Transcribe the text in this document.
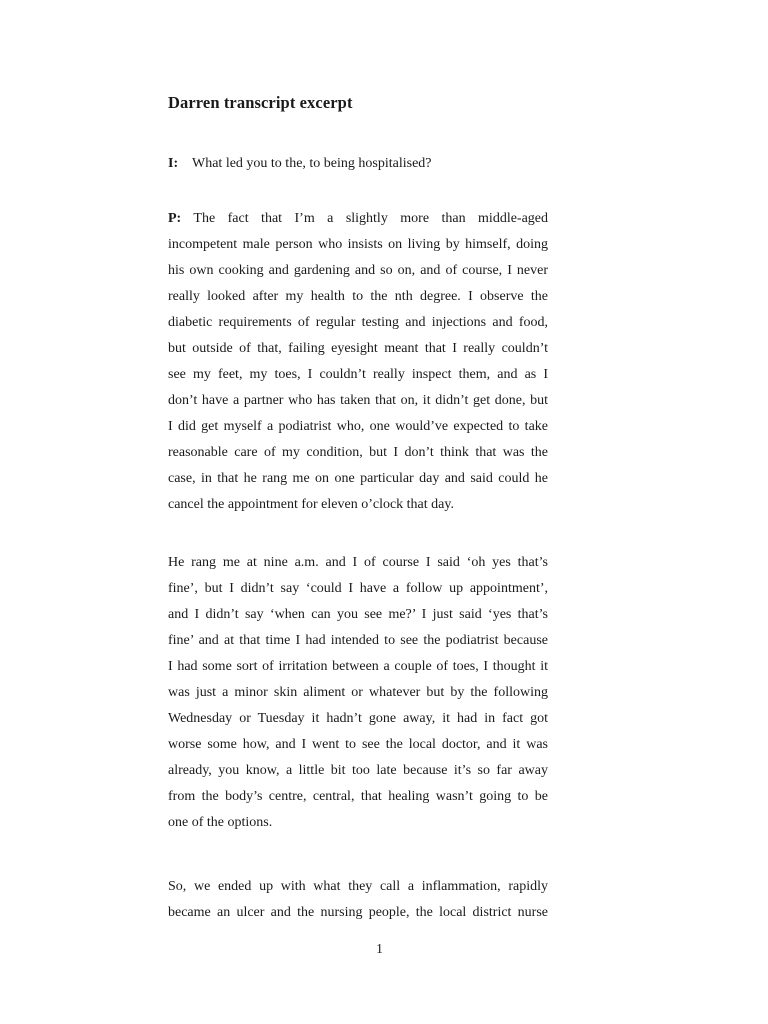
Darren transcript excerpt
I: What led you to the, to being hospitalised?
P: The fact that I’m a slightly more than middle-aged
incompetent male person who insists on living by himself, doing
his own cooking and gardening and so on, and of course, I never
really looked after my health to the nth degree. I observe the
diabetic requirements of regular testing and injections and food,
but outside of that, failing eyesight meant that I really couldn’t
see my feet, my toes, I couldn’t really inspect them, and as I
don’t have a partner who has taken that on, it didn’t get done, but
I did get myself a podiatrist who, one would’ve expected to take
reasonable care of my condition, but I don’t think that was the
case, in that he rang me on one particular day and said could he
cancel the appointment for eleven o’clock that day.
He rang me at nine a.m. and I of course I said ‘oh yes that’s
fine’, but I didn’t say ‘could I have a follow up appointment’,
and I didn’t say ‘when can you see me?’ I just said ‘yes that’s
fine’ and at that time I had intended to see the podiatrist because
I had some sort of irritation between a couple of toes, I thought it
was just a minor skin aliment or whatever but by the following
Wednesday or Tuesday it hadn’t gone away, it had in fact got
worse some how, and I went to see the local doctor, and it was
already, you know, a little bit too late because it’s so far away
from the body’s centre, central, that healing wasn’t going to be
one of the options.
So, we ended up with what they call a inflammation, rapidly
became an ulcer and the nursing people, the local district nurse
1
